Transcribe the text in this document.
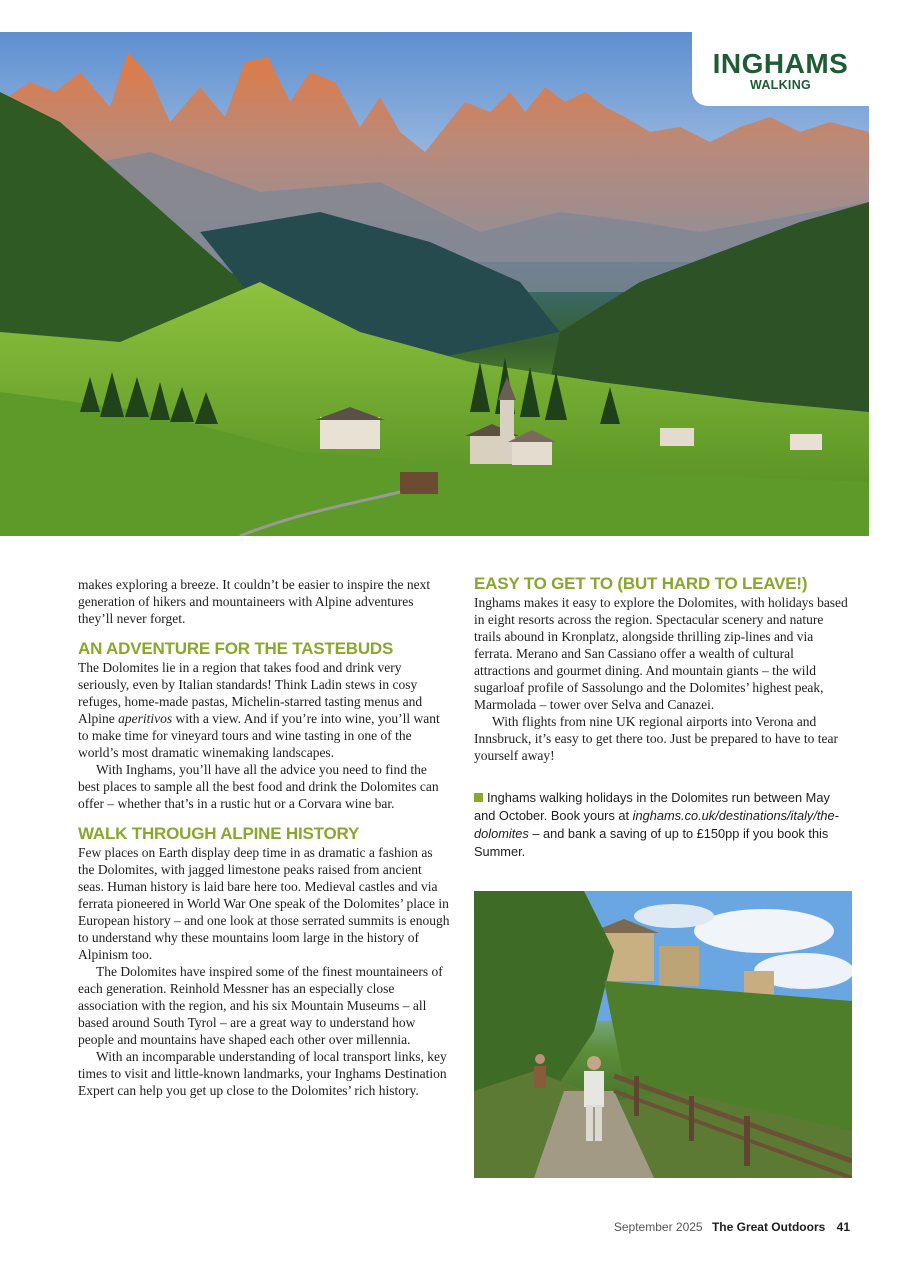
INGHAMS
WALKING

makes exploring a breeze. It couldn’t be easier to inspire the next generation of hikers and mountaineers with Alpine adventures they’ll never forget.

AN ADVENTURE FOR THE TASTEBUDS

The Dolomites lie in a region that takes food and drink very seriously, even by Italian standards! Think Ladin stews in cosy refuges, home-made pastas, Michelin-starred tasting menus and Alpine aperitivos with a view. And if you’re into wine, you’ll want to make time for vineyard tours and wine tasting in one of the world’s most dramatic winemaking landscapes.

With Inghams, you’ll have all the advice you need to find the best places to sample all the best food and drink the Dolomites can offer – whether that’s in a rustic hut or a Corvara wine bar.

WALK THROUGH ALPINE HISTORY

Few places on Earth display deep time in as dramatic a fashion as the Dolomites, with jagged limestone peaks raised from ancient seas. Human history is laid bare here too. Medieval castles and via ferrata pioneered in World War One speak of the Dolomites’ place in European history – and one look at those serrated summits is enough to understand why these mountains loom large in the history of Alpinism too.

The Dolomites have inspired some of the finest mountaineers of each generation. Reinhold Messner has an especially close association with the region, and his six Mountain Museums – all based around South Tyrol – are a great way to understand how people and mountains have shaped each other over millennia.

With an incomparable understanding of local transport links, key times to visit and little-known landmarks, your Inghams Destination Expert can help you get up close to the Dolomites’ rich history.

EASY TO GET TO (BUT HARD TO LEAVE!)

Inghams makes it easy to explore the Dolomites, with holidays based in eight resorts across the region. Spectacular scenery and nature trails abound in Kronplatz, alongside thrilling zip-lines and via ferrata. Merano and San Cassiano offer a wealth of cultural attractions and gourmet dining. And mountain giants – the wild sugarloaf profile of Sassolungo and the Dolomites’ highest peak, Marmolada – tower over Selva and Canazei.

With flights from nine UK regional airports into Verona and Innsbruck, it’s easy to get there too. Just be prepared to have to tear yourself away!

Inghams walking holidays in the Dolomites run between May and October. Book yours at inghams.co.uk/destinations/italy/the-dolomites – and bank a saving of up to £150pp if you book this Summer.

September 2025 The Great Outdoors 41
